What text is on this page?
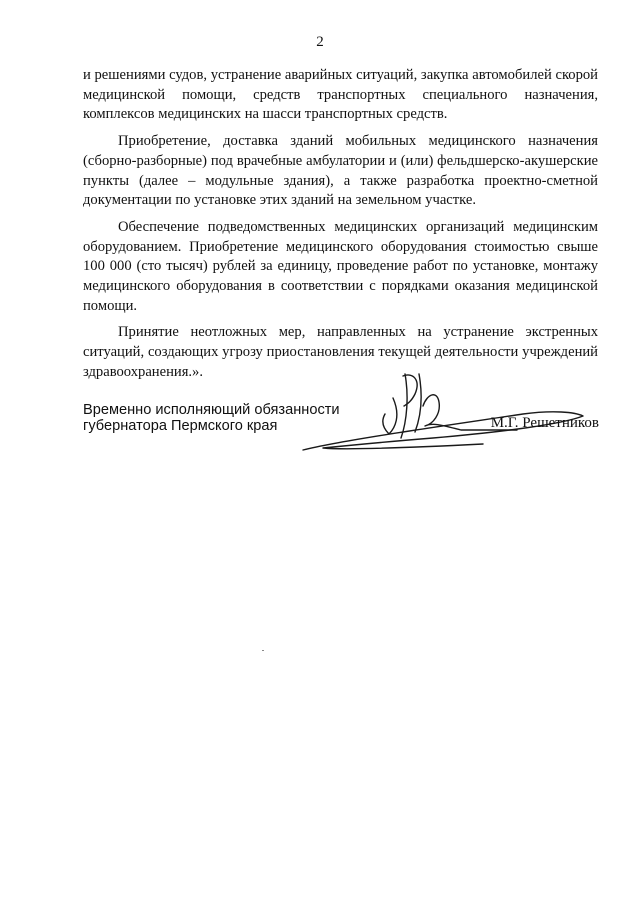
2

и решениями судов, устранение аварийных ситуаций, закупка автомобилей скорой медицинской помощи, средств транспортных специального назначения, комплексов медицинских на шасси транспортных средств.

Приобретение, доставка зданий мобильных медицинского назначения (сборно-разборные) под врачебные амбулатории и (или) фельдшерско-акушерские пункты (далее – модульные здания), а также разработка проектно-сметной документации по установке этих зданий на земельном участке.

Обеспечение подведомственных медицинских организаций медицинским оборудованием. Приобретение медицинского оборудования стоимостью свыше 100 000 (сто тысяч) рублей за единицу, проведение работ по установке, монтажу медицинского оборудования в соответствии с порядками оказания медицинской помощи.

Принятие неотложных мер, направленных на устранение экстренных ситуаций, создающих угрозу приостановления текущей деятельности учреждений здравоохранения.».

Временно исполняющий обязанности
губернатора Пермского края	М.Г. Решетников
